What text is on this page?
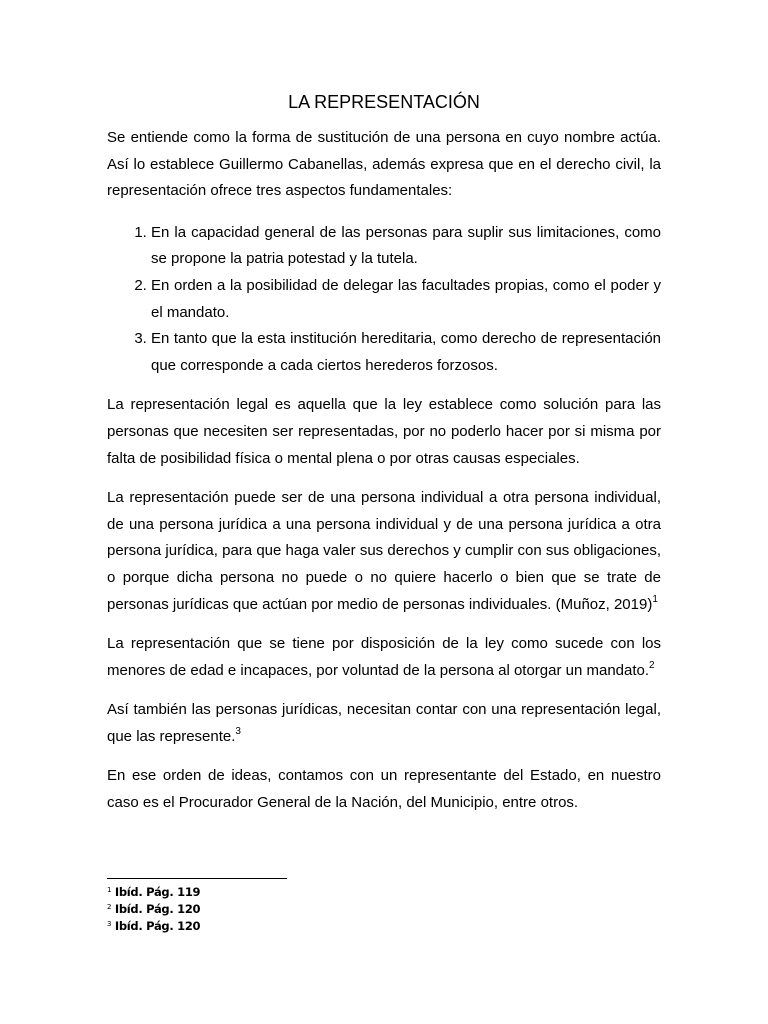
LA REPRESENTACIÓN

Se entiende como la forma de sustitución de una persona en cuyo nombre actúa. Así lo establece Guillermo Cabanellas, además expresa que en el derecho civil, la representación ofrece tres aspectos fundamentales:

1. En la capacidad general de las personas para suplir sus limitaciones, como se propone la patria potestad y la tutela.
2. En orden a la posibilidad de delegar las facultades propias, como el poder y el mandato.
3. En tanto que la esta institución hereditaria, como derecho de representación que corresponde a cada ciertos herederos forzosos.

La representación legal es aquella que la ley establece como solución para las personas que necesiten ser representadas, por no poderlo hacer por si misma por falta de posibilidad física o mental plena o por otras causas especiales.

La representación puede ser de una persona individual a otra persona individual, de una persona jurídica a una persona individual y de una persona jurídica a otra persona jurídica, para que haga valer sus derechos y cumplir con sus obligaciones, o porque dicha persona no puede o no quiere hacerlo o bien que se trate de personas jurídicas que actúan por medio de personas individuales. (Muñoz, 2019)$^1$

La representación que se tiene por disposición de la ley como sucede con los menores de edad e incapaces, por voluntad de la persona al otorgar un mandato.$^2$

Así también las personas jurídicas, necesitan contar con una representación legal, que las represente.$^3$

En ese orden de ideas, contamos con un representante del Estado, en nuestro caso es el Procurador General de la Nación, del Municipio, entre otros.

$^1$ Ibíd. Pág. 119
$^2$ Ibíd. Pág. 120
$^3$ Ibíd. Pág. 120
